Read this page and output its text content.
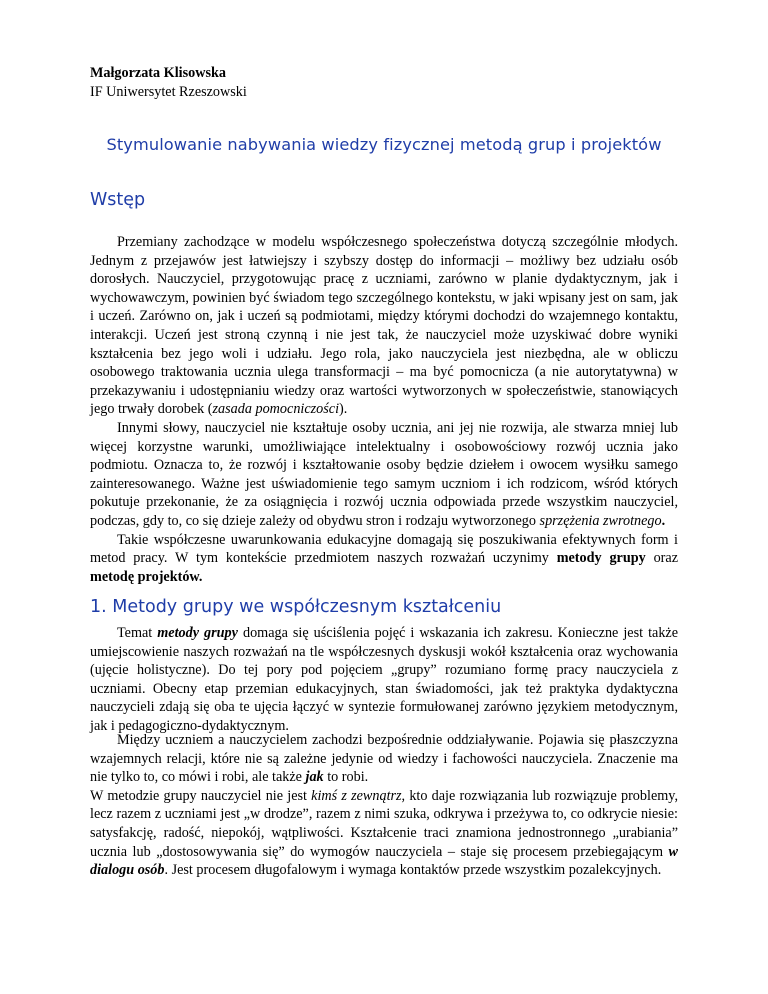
Małgorzata Klisowska
IF Uniwersytet Rzeszowski
Stymulowanie nabywania wiedzy fizycznej metodą grup i projektów
Wstęp

Przemiany zachodzące w modelu współczesnego społeczeństwa dotyczą szczególnie młodych. Jednym z przejawów jest łatwiejszy i szybszy dostęp do informacji – możliwy bez udziału osób dorosłych. Nauczyciel, przygotowując pracę z uczniami, zarówno w planie dydaktycznym, jak i wychowawczym, powinien być świadom tego szczególnego kontekstu, w jaki wpisany jest on sam, jak i uczeń. Zarówno on, jak i uczeń są podmiotami, między którymi dochodzi do wzajemnego kontaktu, interakcji. Uczeń jest stroną czynną i nie jest tak, że nauczyciel może uzyskiwać dobre wyniki kształcenia bez jego woli i udziału. Jego rola, jako nauczyciela jest niezbędna, ale w obliczu osobowego traktowania ucznia ulega transformacji – ma być pomocnicza (a nie autorytatywna) w przekazywaniu i udostępnianiu wiedzy oraz wartości wytworzonych w społeczeństwie, stanowiących jego trwały dorobek (zasada pomocniczości).

Innymi słowy, nauczyciel nie kształtuje osoby ucznia, ani jej nie rozwija, ale stwarza mniej lub więcej korzystne warunki, umożliwiające intelektualny i osobowościowy rozwój ucznia jako podmiotu. Oznacza to, że rozwój i kształtowanie osoby będzie dziełem i owocem wysiłku samego zainteresowanego. Ważne jest uświadomienie tego samym uczniom i ich rodzicom, wśród których pokutuje przekonanie, że za osiągnięcia i rozwój ucznia odpowiada przede wszystkim nauczyciel, podczas, gdy to, co się dzieje zależy od obydwu stron i rodzaju wytworzonego sprzężenia zwrotnego.

Takie współczesne uwarunkowania edukacyjne domagają się poszukiwania efektywnych form i metod pracy. W tym kontekście przedmiotem naszych rozważań uczynimy metody grupy oraz metodę projektów.

1. Metody grupy we współczesnym kształceniu

Temat metody grupy domaga się uściślenia pojęć i wskazania ich zakresu. Konieczne jest także umiejscowienie naszych rozważań na tle współczesnych dyskusji wokół kształcenia oraz wychowania (ujęcie holistyczne). Do tej pory pod pojęciem „grupy” rozumiano formę pracy nauczyciela z uczniami. Obecny etap przemian edukacyjnych, stan świadomości, jak też praktyka dydaktyczna nauczycieli zdają się oba te ujęcia łączyć w syntezie formułowanej zarówno językiem metodycznym, jak i pedagogiczno-dydaktycznym.

Między uczniem a nauczycielem zachodzi bezpośrednie oddziaływanie. Pojawia się płaszczyzna wzajemnych relacji, które nie są zależne jedynie od wiedzy i fachowości nauczyciela. Znaczenie ma nie tylko to, co mówi i robi, ale także jak to robi.

W metodzie grupy nauczyciel nie jest kimś z zewnątrz, kto daje rozwiązania lub rozwiązuje problemy, lecz razem z uczniami jest „w drodze”, razem z nimi szuka, odkrywa i przeżywa to, co odkrycie niesie: satysfakcję, radość, niepokój, wątpliwości. Kształcenie traci znamiona jednostronnego „urabiania” ucznia lub „dostosowywania się” do wymogów nauczyciela – staje się procesem przebiegającym w dialogu osób. Jest procesem długofalowym i wymaga kontaktów przede wszystkim pozalekcyjnych.
